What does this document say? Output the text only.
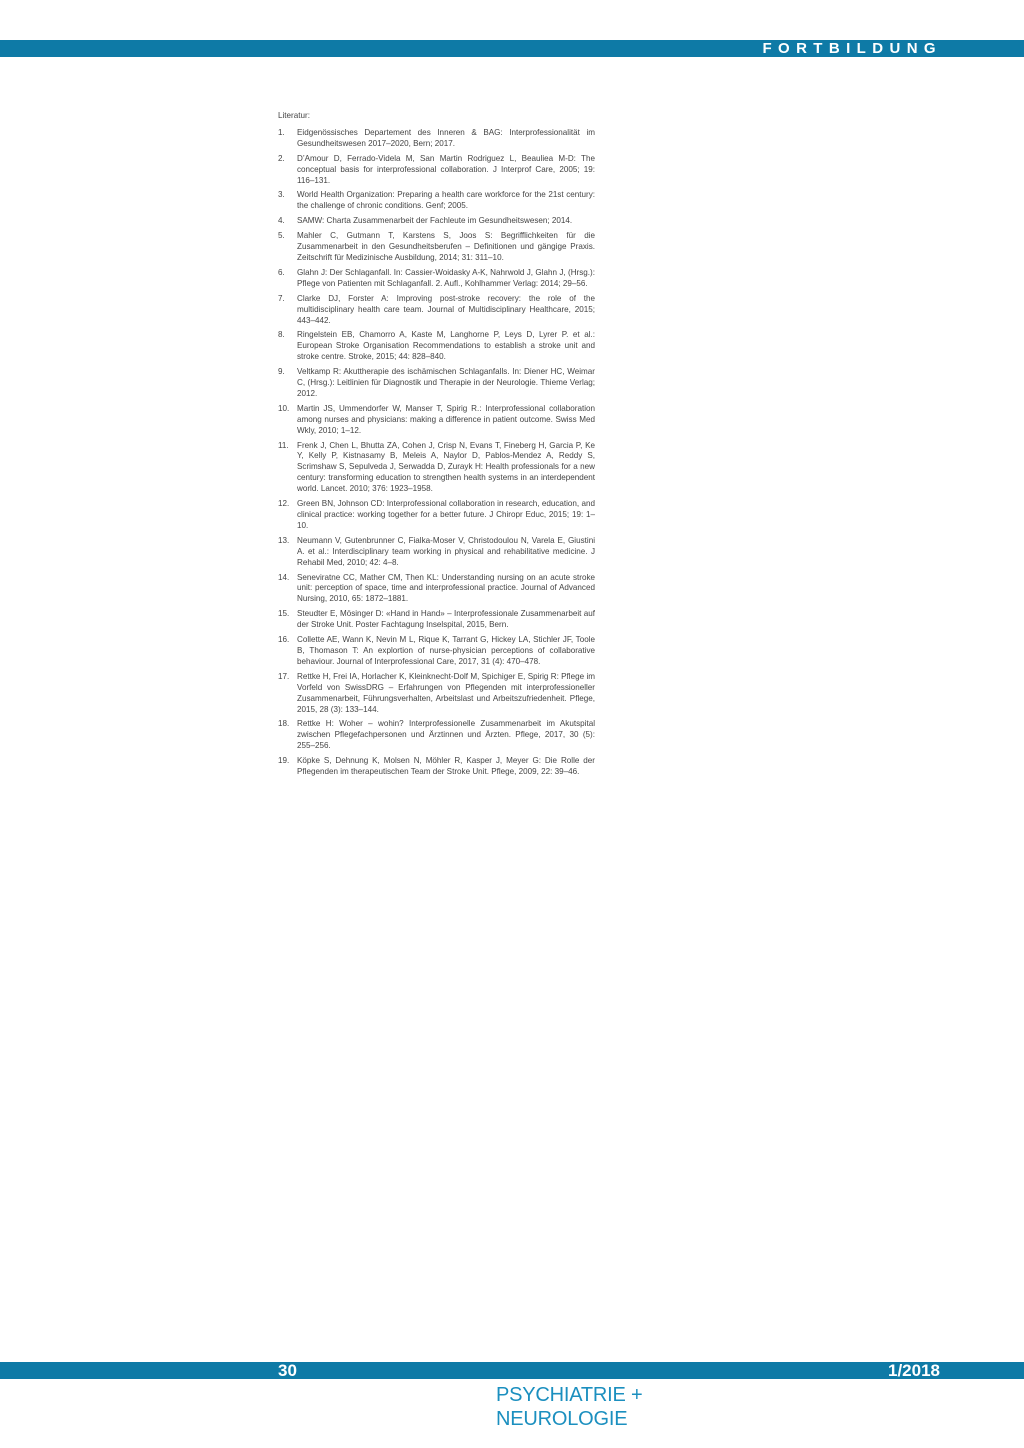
FORTBILDUNG
Literatur:
1.	Eidgenössisches Departement des Inneren & BAG: Interprofessionalität im Gesundheitswesen 2017–2020, Bern; 2017.
2.	D’Amour D, Ferrado-Videla M, San Martin Rodriguez L, Beauliea M-D: The conceptual basis for interprofessional collaboration. J Interprof Care, 2005; 19: 116–131.
3.	World Health Organization: Preparing a health care workforce for the 21st century: the challenge of chronic conditions. Genf; 2005.
4.	SAMW: Charta Zusammenarbeit der Fachleute im Gesundheitswesen; 2014.
5.	Mahler C, Gutmann T, Karstens S, Joos S: Begrifflichkeiten für die Zusammenarbeit in den Gesundheitsberufen – Definitionen und gängige Praxis. Zeitschrift für Medizinische Ausbildung, 2014; 31: 311–10.
6.	Glahn J: Der Schlaganfall. In: Cassier-Woidasky A-K, Nahrwold J, Glahn J, (Hrsg.): Pflege von Patienten mit Schlaganfall. 2. Aufl., Kohlhammer Verlag: 2014; 29–56.
7.	Clarke DJ, Forster A: Improving post-stroke recovery: the role of the multidisciplinary health care team. Journal of Multidisciplinary Healthcare, 2015; 443–442.
8.	Ringelstein EB, Chamorro A, Kaste M, Langhorne P, Leys D, Lyrer P. et al.: European Stroke Organisation Recommendations to establish a stroke unit and stroke centre. Stroke, 2015; 44: 828–840.
9.	Veltkamp R: Akuttherapie des ischämischen Schlaganfalls. In: Diener HC, Weimar C, (Hrsg.): Leitlinien für Diagnostik und Therapie in der Neurologie. Thieme Verlag; 2012.
10. Martin JS, Ummendorfer W, Manser T, Spirig R.: Interprofessional collaboration among nurses and physicians: making a difference in patient outcome. Swiss Med Wkly, 2010; 1–12.
11.	Frenk J, Chen L, Bhutta ZA, Cohen J, Crisp N, Evans T, Fineberg H, Garcia P, Ke Y, Kelly P, Kistnasamy B, Meleis A, Naylor D, Pablos-Mendez A, Reddy S, Scrimshaw S, Sepulveda J, Serwadda D, Zurayk H: Health professionals for a new century: transforming education to strengthen health systems in an interdependent world. Lancet. 2010; 376: 1923–1958.
12. Green BN, Johnson CD: Interprofessional collaboration in research, education, and clinical practice: working together for a better future. J Chiropr Educ, 2015; 19: 1–10.
13. Neumann V, Gutenbrunner C, Fialka-Moser V, Christodoulou N, Varela E, Giustini A. et al.: Interdisciplinary team working in physical and rehabilitative medicine. J Rehabil Med, 2010; 42: 4–8.
14. Seneviratne CC, Mather CM, Then KL: Understanding nursing on an acute stroke unit: perception of space, time and interprofessional practice. Journal of Advanced Nursing, 2010, 65: 1872–1881.
15. Steudter E, Mösinger D: «Hand in Hand» – Interprofessionale Zusammenarbeit auf der Stroke Unit. Poster Fachtagung Inselspital, 2015, Bern.
16. Collette AE, Wann K, Nevin M L, Rique K, Tarrant G, Hickey LA, Stichler JF, Toole B, Thomason T: An explortion of nurse-physician perceptions of collaborative behaviour. Journal of Interprofessional Care, 2017, 31 (4): 470–478.
17. Rettke H, Frei IA, Horlacher K, Kleinknecht-Dolf M, Spichiger E, Spirig R: Pflege im Vorfeld von SwissDRG – Erfahrungen von Pflegenden mit interprofessioneller Zusammenarbeit, Führungsverhalten, Arbeitslast und Arbeitszufriedenheit. Pflege, 2015, 28 (3): 133–144.
18. Rettke H: Woher – wohin? Interprofessionelle Zusammenarbeit im Akutspital zwischen Pflegefachpersonen und Ärztinnen und Ärzten. Pflege, 2017, 30 (5): 255–256.
19. Köpke S, Dehnung K, Molsen N, Möhler R, Kasper J, Meyer G: Die Rolle der Pflegenden im therapeutischen Team der Stroke Unit. Pflege, 2009, 22: 39–46.
30	1/2018
PSYCHIATRIE + NEUROLOGIE
